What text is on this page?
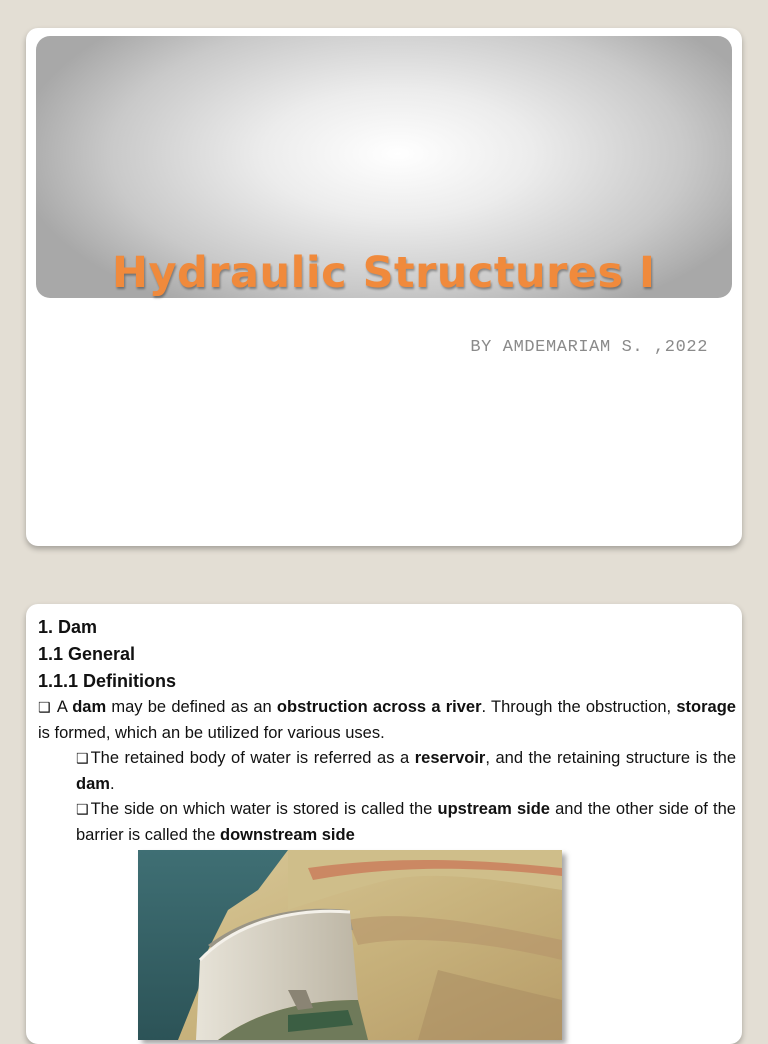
Hydraulic Structures I

BY AMDEMARIAM S. ,2022

1. Dam

1.1 General

1.1.1 Definitions

❑ A dam may be defined as an obstruction across a river. Through the obstruction, storage is formed, which an be utilized for various uses.

❑ The retained body of water is referred as a reservoir, and the retaining structure is the dam.

❑ The side on which water is stored is called the upstream side and the other side of the barrier is called the downstream side
